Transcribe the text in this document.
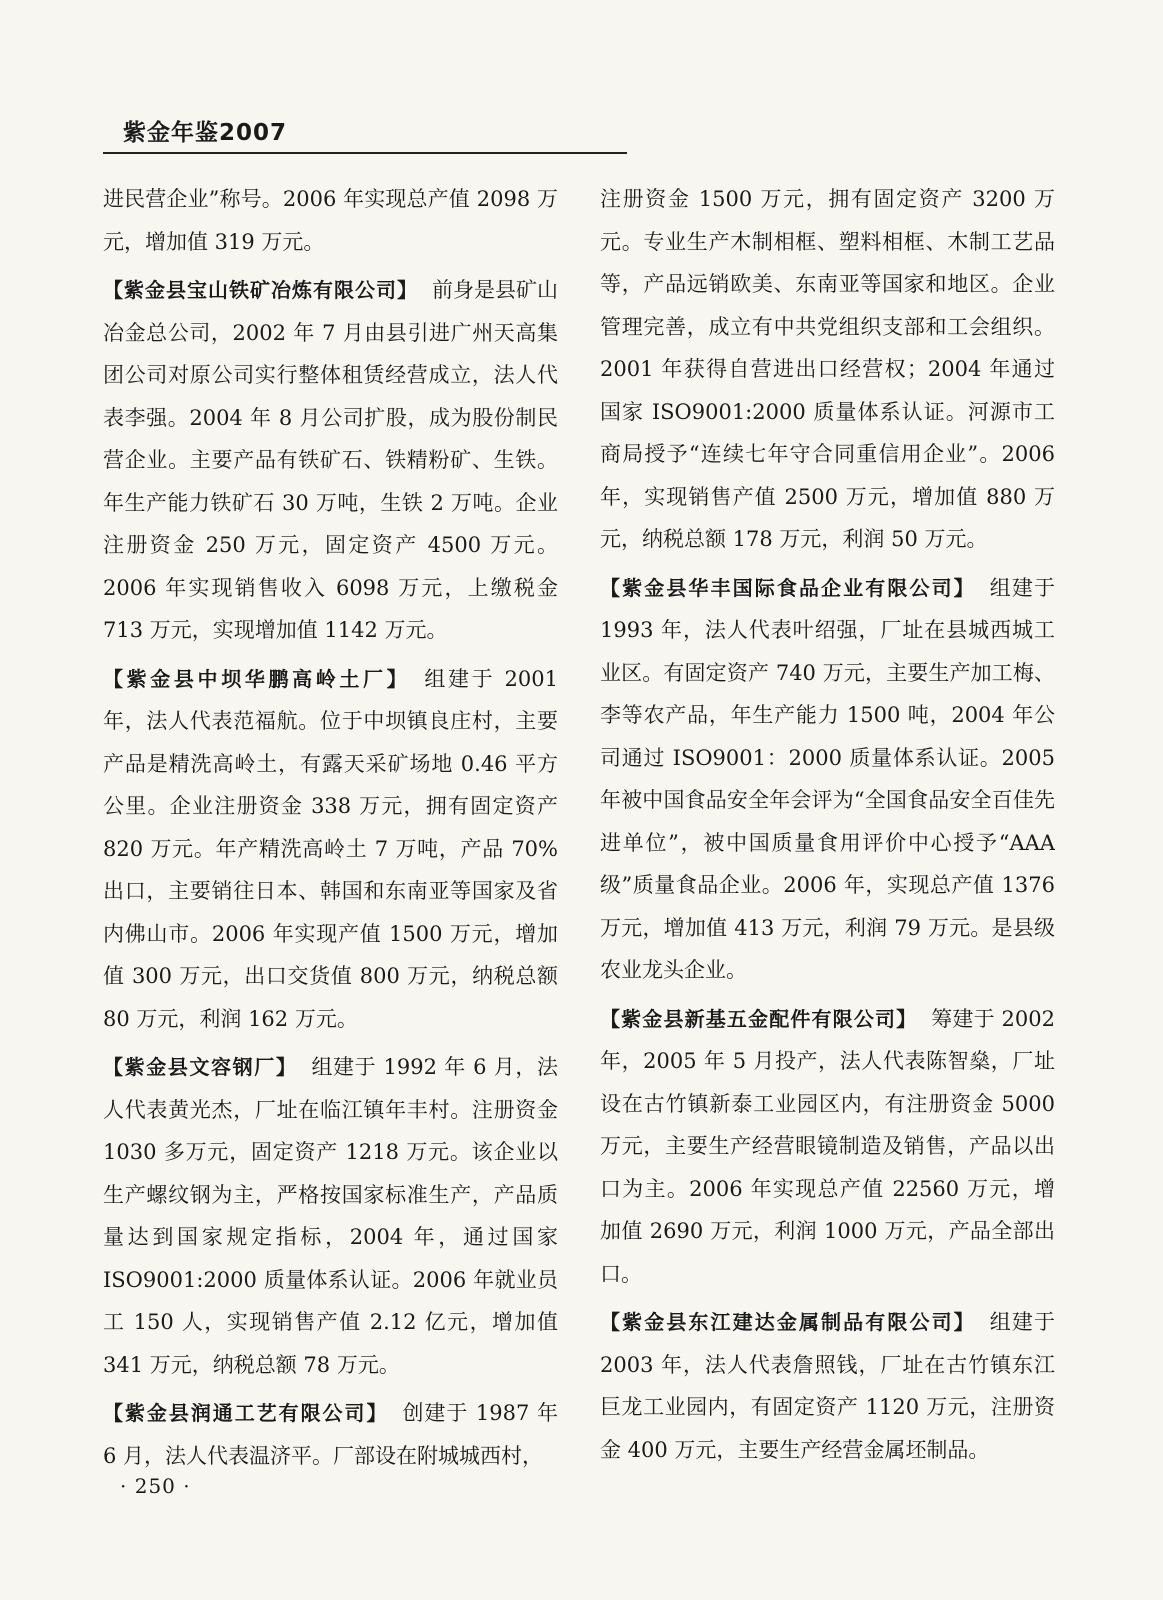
紫金年鉴2007

进民营企业”称号。2006 年实现总产值 2098 万元，增加值 319 万元。

【紫金县宝山铁矿冶炼有限公司】 前身是县矿山冶金总公司，2002 年 7 月由县引进广州天高集团公司对原公司实行整体租赁经营成立，法人代表李强。2004 年 8 月公司扩股，成为股份制民营企业。主要产品有铁矿石、铁精粉矿、生铁。年生产能力铁矿石 30 万吨，生铁 2 万吨。企业注册资金 250 万元，固定资产 4500 万元。2006 年实现销售收入 6098 万元，上缴税金 713 万元，实现增加值 1142 万元。

【紫金县中坝华鹏高岭土厂】 组建于 2001 年，法人代表范福航。位于中坝镇良庄村，主要产品是精洗高岭土，有露天采矿场地 0.46 平方公里。企业注册资金 338 万元，拥有固定资产 820 万元。年产精洗高岭土 7 万吨，产品 70%出口，主要销往日本、韩国和东南亚等国家及省内佛山市。2006 年实现产值 1500 万元，增加值 300 万元，出口交货值 800 万元，纳税总额 80 万元，利润 162 万元。

【紫金县文容钢厂】 组建于 1992 年 6 月，法人代表黄光杰，厂址在临江镇年丰村。注册资金 1030 多万元，固定资产 1218 万元。该企业以生产螺纹钢为主，严格按国家标准生产，产品质量达到国家规定指标，2004 年，通过国家 ISO9001:2000 质量体系认证。2006 年就业员工 150 人，实现销售产值 2.12 亿元，增加值 341 万元，纳税总额 78 万元。

【紫金县润通工艺有限公司】 创建于 1987 年 6 月，法人代表温济平。厂部设在附城城西村，

注册资金 1500 万元，拥有固定资产 3200 万元。专业生产木制相框、塑料相框、木制工艺品等，产品远销欧美、东南亚等国家和地区。企业管理完善，成立有中共党组织支部和工会组织。2001 年获得自营进出口经营权；2004 年通过国家 ISO9001:2000 质量体系认证。河源市工商局授予“连续七年守合同重信用企业”。2006 年，实现销售产值 2500 万元，增加值 880 万元，纳税总额 178 万元，利润 50 万元。

【紫金县华丰国际食品企业有限公司】 组建于 1993 年，法人代表叶绍强，厂址在县城西城工业区。有固定资产 740 万元，主要生产加工梅、李等农产品，年生产能力 1500 吨，2004 年公司通过 ISO9001：2000 质量体系认证。2005 年被中国食品安全年会评为“全国食品安全百佳先进单位”，被中国质量食用评价中心授予“AAA 级”质量食品企业。2006 年，实现总产值 1376 万元，增加值 413 万元，利润 79 万元。是县级农业龙头企业。

【紫金县新基五金配件有限公司】 筹建于 2002 年，2005 年 5 月投产，法人代表陈智燊，厂址设在古竹镇新泰工业园区内，有注册资金 5000 万元，主要生产经营眼镜制造及销售，产品以出口为主。2006 年实现总产值 22560 万元，增加值 2690 万元，利润 1000 万元，产品全部出口。

【紫金县东江建达金属制品有限公司】 组建于 2003 年，法人代表詹照钱，厂址在古竹镇东江巨龙工业园内，有固定资产 1120 万元，注册资金 400 万元，主要生产经营金属坯制品。

· 250 ·
